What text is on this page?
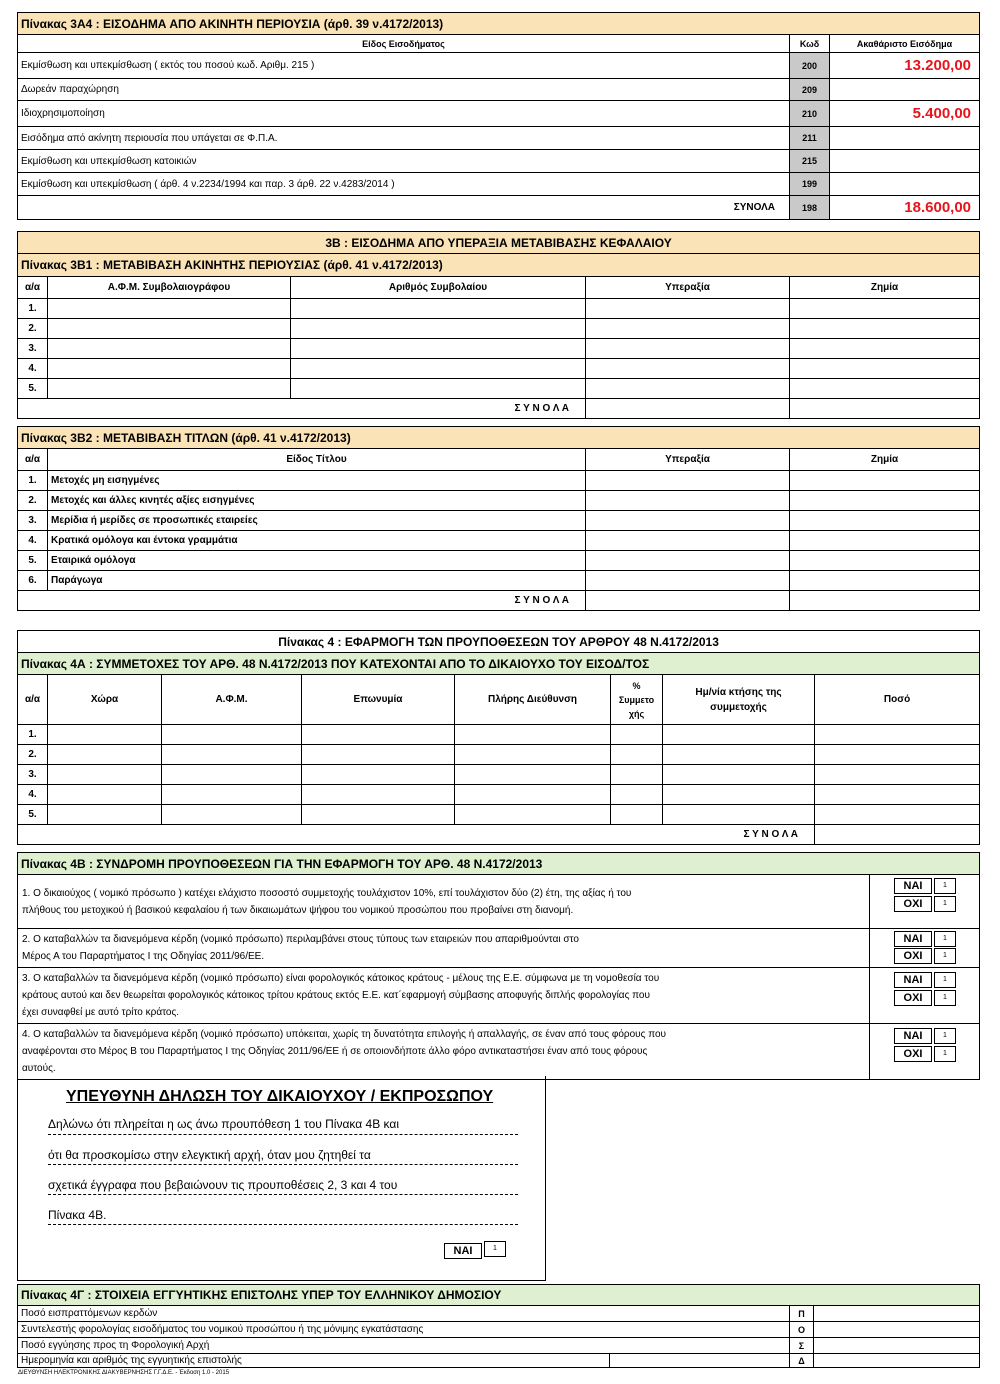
Πίνακας 3Α4 : ΕΙΣΟΔΗΜΑ ΑΠΟ ΑΚΙΝΗΤΗ ΠΕΡΙΟΥΣΙΑ (άρθ. 39 ν.4172/2013)		
Είδος Εισοδήματος	Κωδ	Ακαθάριστο Εισόδημα
Εκμίσθωση και υπεκμίσθωση ( εκτός του ποσού κωδ. Αριθμ. 215 )	200	13.200,00
Δωρεάν παραχώρηση	209	
Ιδιοχρησιμοποίηση	210	5.400,00
Εισόδημα από ακίνητη περιουσία που υπάγεται σε Φ.Π.Α.	211	
Εκμίσθωση και υπεκμίσθωση κατοικιών	215	
Εκμίσθωση και υπεκμίσθωση ( άρθ. 4 ν.2234/1994 και παρ. 3 άρθ. 22 ν.4283/2014 )	199	
ΣΥΝΟΛΑ	198	18.600,00
3Β : ΕΙΣΟΔΗΜΑ ΑΠΟ ΥΠΕΡΑΞΙΑ ΜΕΤΑΒΙΒΑΣΗΣ ΚΕΦΑΛΑΙΟΥ				
Πίνακας 3Β1 : ΜΕΤΑΒΙΒΑΣΗ ΑΚΙΝΗΤΗΣ ΠΕΡΙΟΥΣΙΑΣ (άρθ. 41 ν.4172/2013)				
α/α	Α.Φ.Μ. Συμβολαιογράφου	Αριθμός Συμβολαίου	Υπεραξία	Ζημία
1.				
2.				
3.				
4.				
5.				
Σ Υ Ν Ο Λ Α				
Πίνακας 3Β2 : ΜΕΤΑΒΙΒΑΣΗ ΤΙΤΛΩΝ (άρθ. 41 ν.4172/2013)			
α/α	Είδος Τίτλου	Υπεραξία	Ζημία
1.	Μετοχές μη εισηγμένες		
2.	Μετοχές και άλλες κινητές αξίες εισηγμένες		
3.	Μερίδια ή μερίδες σε προσωπικές εταιρείες		
4.	Κρατικά ομόλογα και έντοκα γραμμάτια		
5.	Εταιρικά ομόλογα		
6.	Παράγωγα		
Σ Υ Ν Ο Λ Α			
Πίνακας 4 : ΕΦΑΡΜΟΓΗ ΤΩΝ ΠΡΟΥΠΟΘΕΣΕΩΝ ΤΟΥ ΑΡΘΡΟΥ 48 Ν.4172/2013							
Πίνακας 4Α : ΣΥΜΜΕΤΟΧΕΣ ΤΟΥ ΑΡΘ. 48 Ν.4172/2013 ΠΟΥ ΚΑΤΕΧΟΝΤΑΙ ΑΠΟ ΤΟ ΔΙΚΑΙΟΥΧΟ ΤΟΥ ΕΙΣΟΔ/ΤΟΣ							
α/α	Χώρα	Α.Φ.Μ.	Επωνυμία	Πλήρης Διεύθυνση	% Συμμετο χής	Ημ/νία κτήσης της συμμετοχής	Ποσό
1.							
2.							
3.							
4.							
5.							
Σ Υ Ν Ο Λ Α							
Πίνακας 4Β : ΣΥΝΔΡΟΜΗ ΠΡΟΥΠΟΘΕΣΕΩΝ ΓΙΑ ΤΗΝ ΕΦΑΡΜΟΓΗ ΤΟΥ ΑΡΘ. 48 Ν.4172/2013	
1. Ο δικαιούχος ( νομικό πρόσωπο ) κατέχει ελάχιστο ποσοστό συμμετοχής τουλάχιστον 10%, επί τουλάχιστον δύο (2) έτη, της αξίας ή του πλήθους του μετοχικού ή βασικού κεφαλαίου ή των δικαιωμάτων ψήφου του νομικού προσώπου που προβαίνει στη διανομή.	ΝΑΙ 1
ΟΧΙ 1

2. Ο καταβαλλών τα διανεμόμενα κέρδη (νομικό πρόσωπο) περιλαμβάνει στους τύπους των εταιρειών που απαριθμούνται στο Μέρος Α του Παραρτήματος Ι της Οδηγίας 2011/96/ΕΕ.	ΝΑΙ 1
ΟΧΙ 1

3. Ο καταβαλλών τα διανεμόμενα κέρδη (νομικό πρόσωπο) είναι φορολογικός κάτοικος κράτους - μέλους της Ε.Ε. σύμφωνα με τη νομοθεσία του κράτους αυτού και δεν θεωρείται φορολογικός κάτοικος τρίτου κράτους εκτός Ε.Ε. κατ΄εφαρμογή σύμβασης αποφυγής διπλής φορολογίας που έχει συναφθεί με αυτό τρίτο κράτος.	ΝΑΙ 1
ΟΧΙ 1

4. Ο καταβαλλών τα διανεμόμενα κέρδη (νομικό πρόσωπο) υπόκειται, χωρίς τη δυνατότητα επιλογής ή απαλλαγής, σε έναν από τους φόρους που αναφέρονται στο Μέρος Β του Παραρτήματος Ι της Οδηγίας 2011/96/ΕΕ ή σε οποιονδήποτε άλλο φόρο αντικαταστήσει έναν από τους φόρους αυτούς.	ΝΑΙ 1
ΟΧΙ 1
ΥΠΕΥΘΥΝΗ ΔΗΛΩΣΗ ΤΟΥ ΔΙΚΑΙΟΥΧΟΥ / ΕΚΠΡΟΣΩΠΟΥ
Δηλώνω ότι πληρείται η ως άνω προυπόθεση 1 του Πίνακα 4Β και
ότι θα προσκομίσω στην ελεγκτική αρχή, όταν μου ζητηθεί τα
σχετικά έγγραφα που βεβαιώνουν τις προυποθέσεις 2, 3 και 4 του
Πίνακα 4Β.
ΝΑΙ	1
Πίνακας 4Γ : ΣΤΟΙΧΕΙΑ ΕΓΓΥΗΤΙΚΗΣ ΕΠΙΣΤΟΛΗΣ ΥΠΕΡ ΤΟΥ ΕΛΛΗΝΙΚΟΥ ΔΗΜΟΣΙΟΥ			
Ποσό εισπραττόμενων κερδών		Π	
Συντελεστής φορολογίας εισοδήματος του νομικού προσώπου ή της μόνιμης εγκατάστασης		Ο	
Ποσό εγγύησης προς τη Φορολογική Αρχή		Σ	
Ημερομηνία και αριθμός της εγγυητικής επιστολής		Δ	
ΔΙΕΥΘΥΝΣΗ ΗΛΕΚΤΡΟΝΙΚΗΣ ΔΙΑΚΥΒΕΡΝΗΣΗΣ Γ.Γ.Δ.Ε. - Έκδοση 1.0 - 2015
